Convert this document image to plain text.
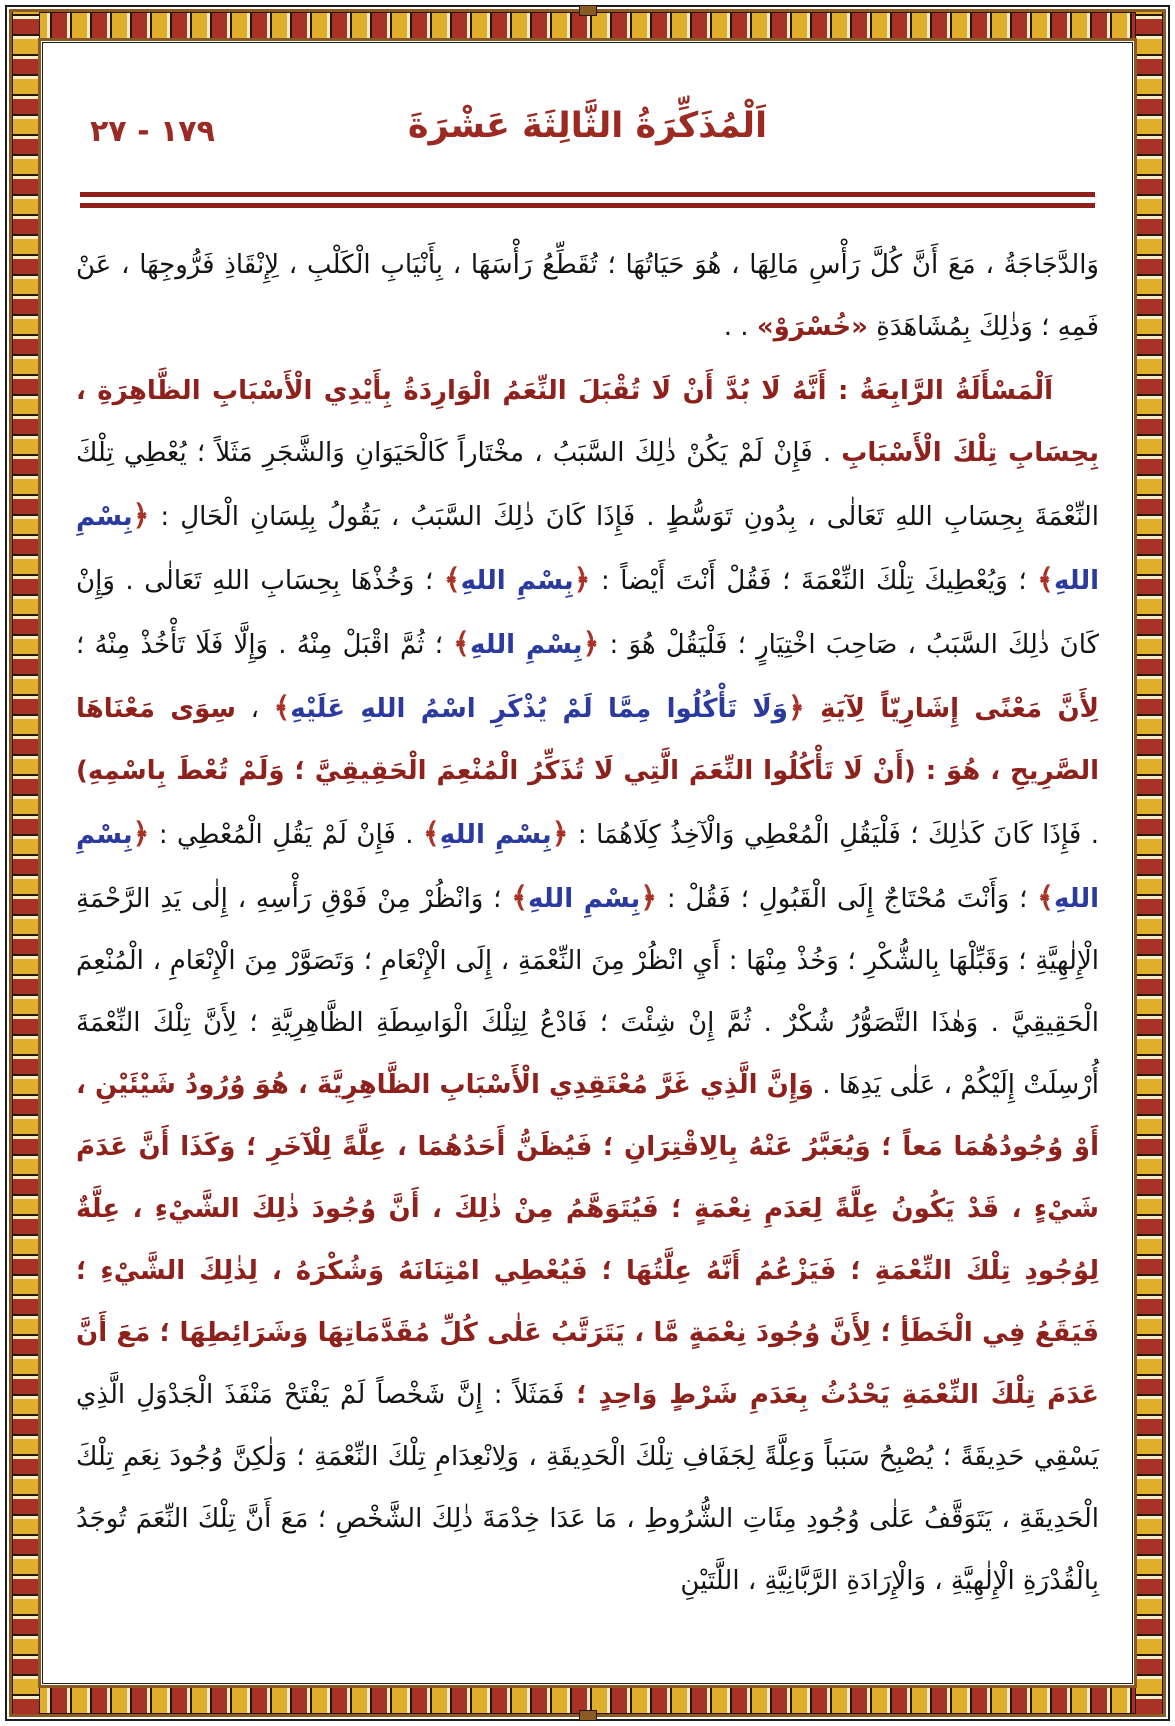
اَلْمُذَكِّرَةُ الثَّالِثَةَ عَشْرَةَ
١٧٩ - ٢٧

وَالدَّجَاجَةُ ، مَعَ أَنَّ كُلَّ رَأْسِ مَالِهَا ، هُوَ حَيَاتُهَا ؛ تُقَطِّعُ رَأْسَهَا ، بِأَنْيَابِ الْكَلْبِ ، لِإِنْقَاذِ فَرُّوجِهَا ، عَنْ فَمِهِ ؛ وَذٰلِكَ بِمُشَاهَدَةِ «خُسْرَوْ» . .

اَلْمَسْأَلَةُ الرَّابِعَةُ : أَنَّهُ لَا بُدَّ أَنْ لَا تُقْبَلَ النِّعَمُ الْوَارِدَةُ بِأَيْدِي الْأَسْبَابِ الظَّاهِرَةِ ، بِحِسَابِ تِلْكَ الْأَسْبَابِ . فَإِنْ لَمْ يَكُنْ ذٰلِكَ السَّبَبُ ، مخْتَاراً كَالْحَيَوَانِ وَالشَّجَرِ مَثَلاً ؛ يُعْطِي تِلْكَ النِّعْمَةَ بِحِسَابِ اللهِ تَعَالٰى ، بِدُونِ تَوَسُّطٍ . فَإِذَا كَانَ ذٰلِكَ السَّبَبُ ، يَقُولُ بِلِسَانِ الْحَالِ : ﴿بِسْمِ اللهِ﴾ ؛ وَيُعْطِيكَ تِلْكَ النِّعْمَةَ ؛ فَقُلْ أَنْتَ أَيْضاً : ﴿بِسْمِ اللهِ﴾ ؛ وَخُذْهَا بِحِسَابِ اللهِ تَعَالٰى . وَإِنْ كَانَ ذٰلِكَ السَّبَبُ ، صَاحِبَ اخْتِيَارٍ ؛ فَلْيَقُلْ هُوَ : ﴿بِسْمِ اللهِ﴾ ؛ ثُمَّ اقْبَلْ مِنْهُ . وَإِلَّا فَلَا تَأْخُذْ مِنْهُ ؛ لِأَنَّ مَعْنًى إِشَارِيّاً لِآيَةِ ﴿وَلَا تَأْكُلُوا مِمَّا لَمْ يُذْكَرِ اسْمُ اللهِ عَلَيْهِ﴾ ، سِوَى مَعْنَاهَا الصَّرِيحِ ، هُوَ : (أَنْ لَا تَأْكُلُوا النِّعَمَ الَّتِي لَا تُذَكِّرُ الْمُنْعِمَ الْحَقِيقِيَّ ؛ وَلَمْ تُعْطَ بِاسْمِهِ) . فَإِذَا كَانَ كَذٰلِكَ ؛ فَلْيَقُلِ الْمُعْطِي وَالْآخِذُ كِلَاهُمَا : ﴿بِسْمِ اللهِ﴾ . فَإِنْ لَمْ يَقُلِ الْمُعْطِي : ﴿بِسْمِ اللهِ﴾ ؛ وَأَنْتَ مُحْتَاجٌ إِلَى الْقَبُولِ ؛ فَقُلْ : ﴿بِسْمِ اللهِ﴾ ؛ وَانْظُرْ مِنْ فَوْقِ رَأْسِهِ ، إِلٰى يَدِ الرَّحْمَةِ الْإِلٰهِيَّةِ ؛ وَقَبِّلْهَا بِالشُّكْرِ ؛ وَخُذْ مِنْهَا : أَيِ انْظُرْ مِنَ النِّعْمَةِ ، إِلَى الْإِنْعَامِ ؛ وَتَصَوَّرْ مِنَ الْإِنْعَامِ ، الْمُنْعِمَ الْحَقِيقِيَّ . وَهٰذَا التَّصَوُّرُ شُكْرٌ . ثُمَّ إِنْ شِئْتَ ؛ فَادْعُ لِتِلْكَ الْوَاسِطَةِ الظَّاهِرِيَّةِ ؛ لِأَنَّ تِلْكَ النِّعْمَةَ أُرْسِلَتْ إِلَيْكُمْ ، عَلٰى يَدِهَا . وَإِنَّ الَّذِي غَرَّ مُعْتَقِدِي الْأَسْبَابِ الظَّاهِرِيَّةَ ، هُوَ وُرُودُ شَيْئَيْنِ ، أَوْ وُجُودُهُمَا مَعاً ؛ وَيُعَبَّرُ عَنْهُ بِالِاقْتِرَانِ ؛ فَيُظَنُّ أَحَدُهُمَا ، عِلَّةً لِلْآخَرِ ؛ وَكَذَا أَنَّ عَدَمَ شَيْءٍ ، قَدْ يَكُونُ عِلَّةً لِعَدَمِ نِعْمَةٍ ؛ فَيُتَوَهَّمُ مِنْ ذٰلِكَ ، أَنَّ وُجُودَ ذٰلِكَ الشَّيْءِ ، عِلَّةٌ لِوُجُودِ تِلْكَ النِّعْمَةِ ؛ فَيَزْعُمُ أَنَّهُ عِلَّتُهَا ؛ فَيُعْطِي امْتِنَانَهُ وَشُكْرَهُ ، لِذٰلِكَ الشَّيْءِ ؛ فَيَقَعُ فِي الْخَطَأِ ؛ لِأَنَّ وُجُودَ نِعْمَةٍ مَّا ، يَتَرَتَّبُ عَلٰى كُلِّ مُقَدَّمَاتِهَا وَشَرَائِطِهَا ؛ مَعَ أَنَّ عَدَمَ تِلْكَ النِّعْمَةِ يَحْدُثُ بِعَدَمِ شَرْطٍ وَاحِدٍ ؛ فَمَثَلاً : إِنَّ شَخْصاً لَمْ يَفْتَحْ مَنْفَذَ الْجَدْوَلِ الَّذِي يَسْقِي حَدِيقَةً ؛ يُصْبِحُ سَبَباً وَعِلَّةً لِجَفَافِ تِلْكَ الْحَدِيقَةِ ، وَلِانْعِدَامِ تِلْكَ النِّعْمَةِ ؛ وَلٰكِنَّ وُجُودَ نِعَمِ تِلْكَ الْحَدِيقَةِ ، يَتَوَقَّفُ عَلٰى وُجُودِ مِئَاتِ الشُّرُوطِ ، مَا عَدَا خِدْمَةَ ذٰلِكَ الشَّخْصِ ؛ مَعَ أَنَّ تِلْكَ النِّعَمَ تُوجَدُ بِالْقُدْرَةِ الْإِلٰهِيَّةِ ، وَالْإِرَادَةِ الرَّبَّانِيَّةِ ، اللَّتَيْنِ
